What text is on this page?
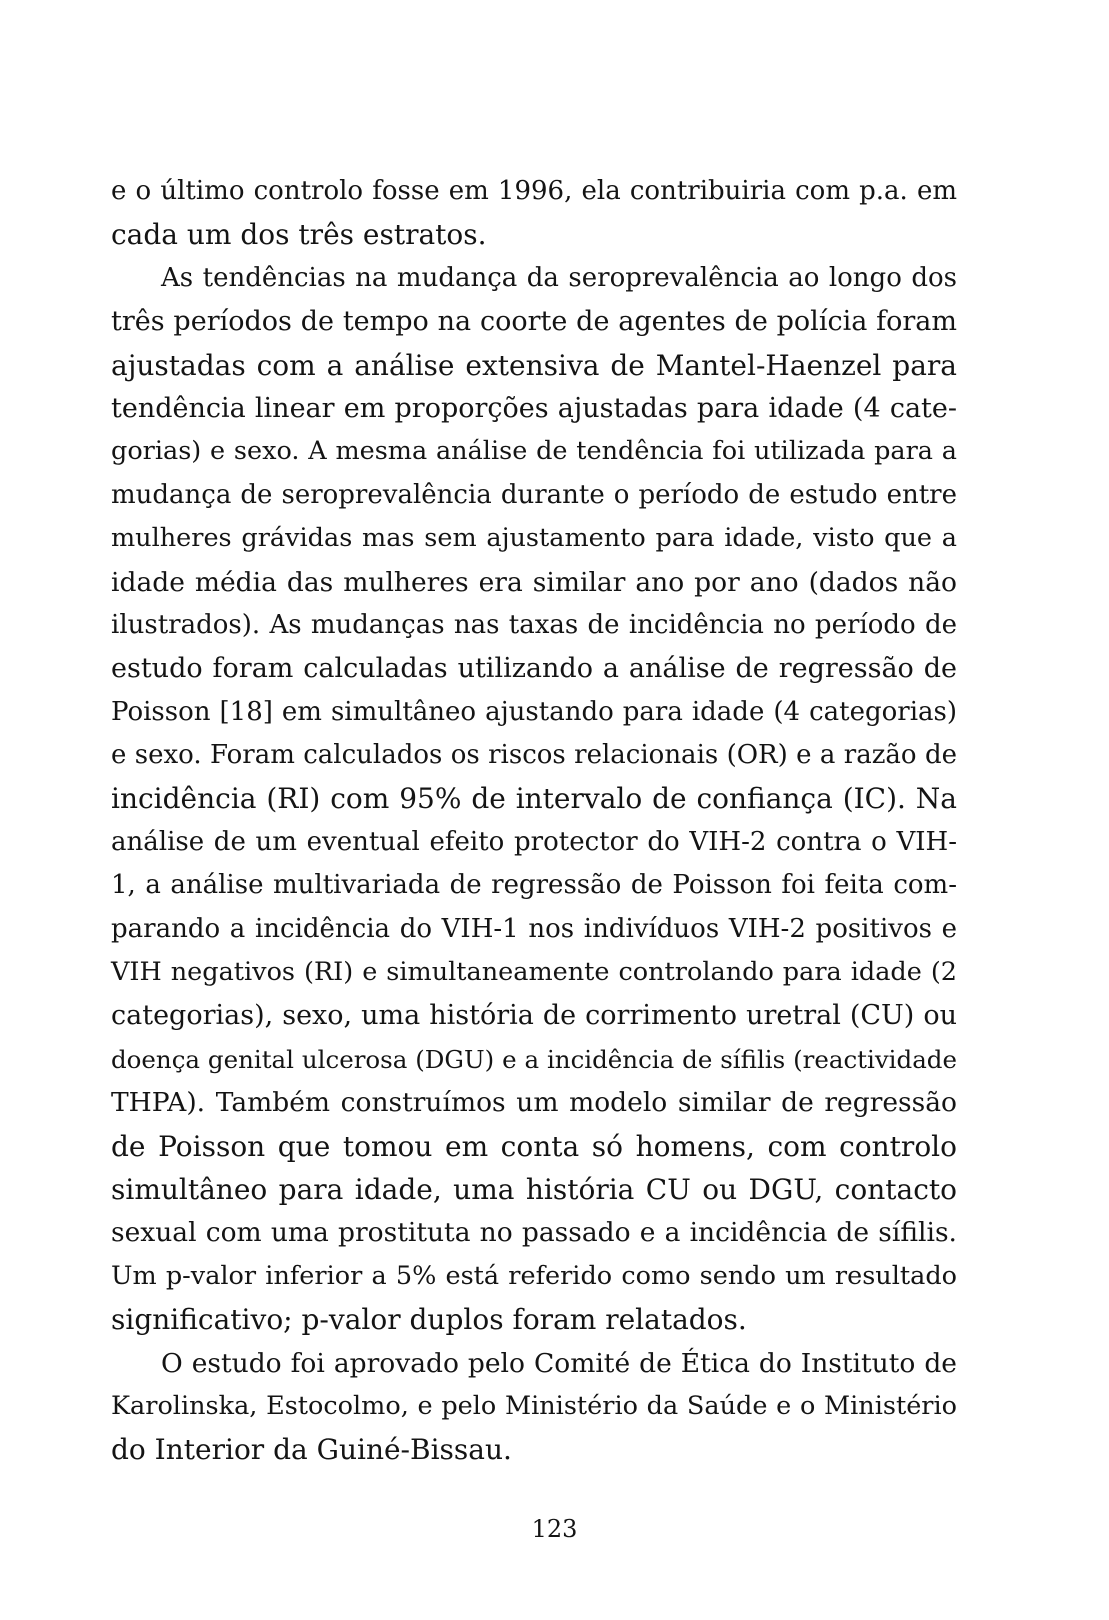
e o último controlo fosse em 1996, ela contribuiria com p.a. em
cada um dos três estratos.
As tendências na mudança da seroprevalência ao longo dos
três períodos de tempo na coorte de agentes de polícia foram
ajustadas com a análise extensiva de Mantel-Haenzel para
tendência linear em proporções ajustadas para idade (4 cate-
gorias) e sexo. A mesma análise de tendência foi utilizada para a
mudança de seroprevalência durante o período de estudo entre
mulheres grávidas mas sem ajustamento para idade, visto que a
idade média das mulheres era similar ano por ano (dados não
ilustrados). As mudanças nas taxas de incidência no período de
estudo foram calculadas utilizando a análise de regressão de
Poisson [18] em simultâneo ajustando para idade (4 categorias)
e sexo. Foram calculados os riscos relacionais (OR) e a razão de
incidência (RI) com 95% de intervalo de confiança (IC). Na
análise de um eventual efeito protector do VIH-2 contra o VIH-
1, a análise multivariada de regressão de Poisson foi feita com-
parando a incidência do VIH-1 nos indivíduos VIH-2 positivos e
VIH negativos (RI) e simultaneamente controlando para idade (2
categorias), sexo, uma história de corrimento uretral (CU) ou
doença genital ulcerosa (DGU) e a incidência de sífilis (reactividade
THPA). Também construímos um modelo similar de regressão
de Poisson que tomou em conta só homens, com controlo
simultâneo para idade, uma história CU ou DGU, contacto
sexual com uma prostituta no passado e a incidência de sífilis.
Um p-valor inferior a 5% está referido como sendo um resultado
significativo; p-valor duplos foram relatados.
O estudo foi aprovado pelo Comité de Ética do Instituto de
Karolinska, Estocolmo, e pelo Ministério da Saúde e o Ministério
do Interior da Guiné-Bissau.
123
